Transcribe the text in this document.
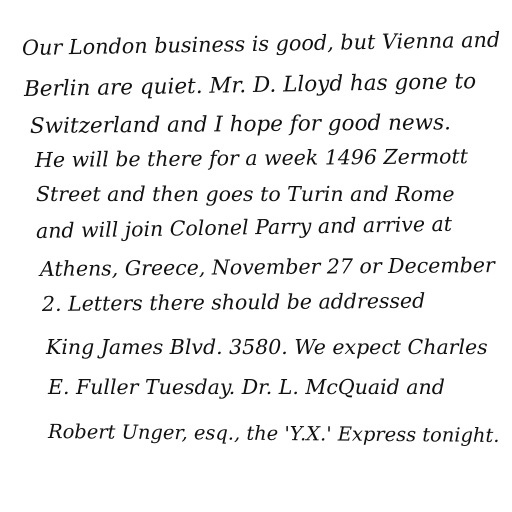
Our London business is good, but Vienna and
Berlin are quiet. Mr. D. Lloyd has gone to
Switzerland and I hope for good news.
He will be there for a week 1496 Zermott
Street and then goes to Turin and Rome
and will join Colonel Parry and arrive at
Athens, Greece, November 27 or December
2. Letters there should be addressed
King James Blvd. 3580. We expect Charles
E. Fuller Tuesday. Dr. L. McQuaid and
Robert Unger, esq., the 'Y.X.' Express tonight.
